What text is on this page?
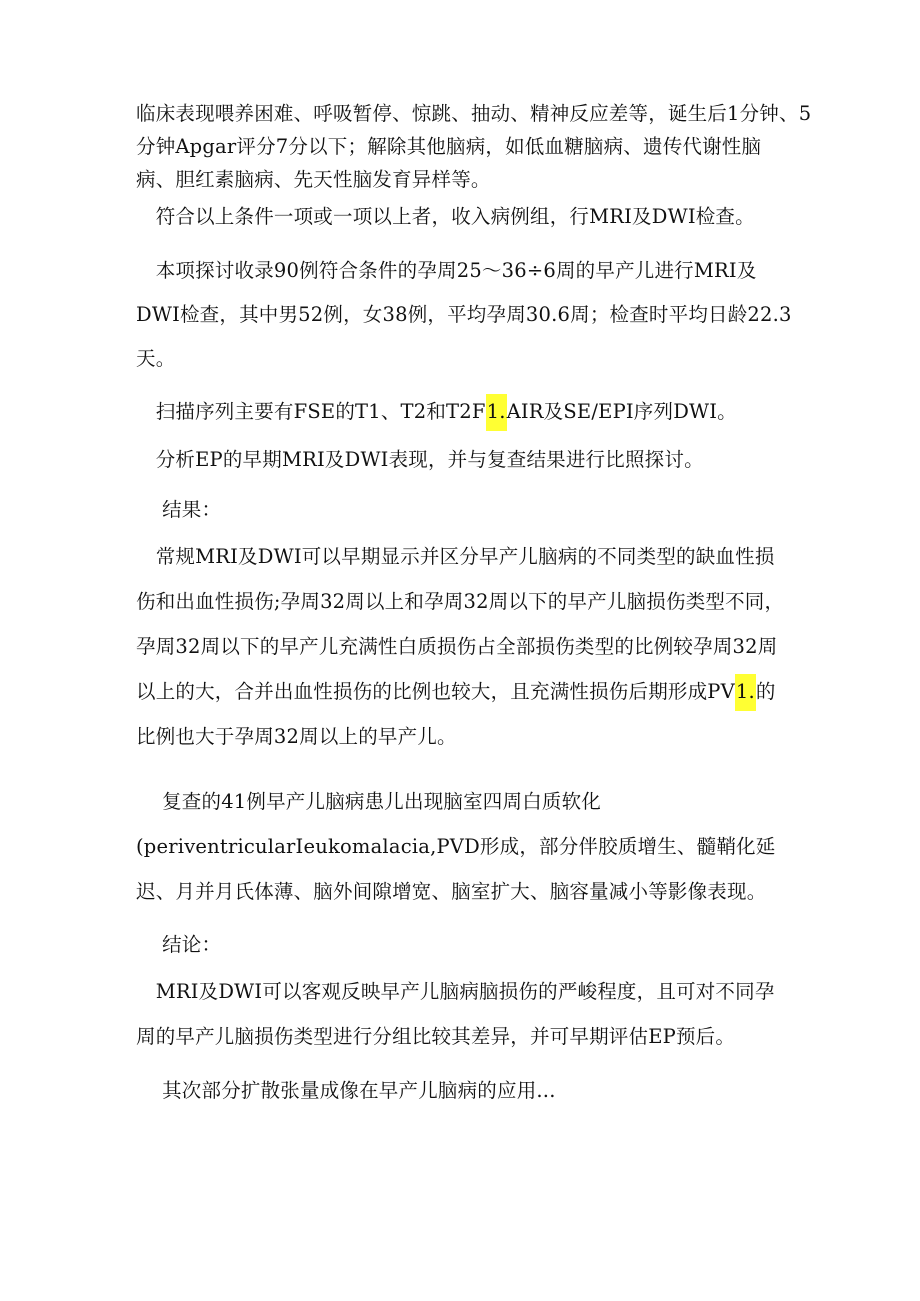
临床表现喂养困难、呼吸暂停、惊跳、抽动、精神反应差等，诞生后1分钟、5
分钟Apgar评分7分以下；解除其他脑病，如低血糖脑病、遗传代谢性脑
病、胆红素脑病、先天性脑发育异样等。
　符合以上条件一项或一项以上者，收入病例组，行MRI及DWI检查。
　本项探讨收录90例符合条件的孕周25～36÷6周的早产儿进行MRI及
DWI检查，其中男52例，女38例，平均孕周30.6周；检查时平均日龄22.3
天。
　扫描序列主要有FSE的T1、T2和T2F1.AIR及SE/EPI序列DWI。
　分析EP的早期MRI及DWI表现，并与复查结果进行比照探讨。
　 结果：
　常规MRI及DWI可以早期显示并区分早产儿脑病的不同类型的缺血性损
伤和出血性损伤;孕周32周以上和孕周32周以下的早产儿脑损伤类型不同，
孕周32周以下的早产儿充满性白质损伤占全部损伤类型的比例较孕周32周
以上的大，合并出血性损伤的比例也较大，且充满性损伤后期形成PV1.的
比例也大于孕周32周以上的早产儿。
　 复查的41例早产儿脑病患儿出现脑室四周白质软化
(periventricularIeukomalacia,PVD形成，部分伴胶质增生、髓鞘化延
迟、月并月氏体薄、脑外间隙增宽、脑室扩大、脑容量减小等影像表现。
　 结论：
　MRI及DWI可以客观反映早产儿脑病脑损伤的严峻程度，且可对不同孕
周的早产儿脑损伤类型进行分组比较其差异，并可早期评估EP预后。
　 其次部分扩散张量成像在早产儿脑病的应用...
